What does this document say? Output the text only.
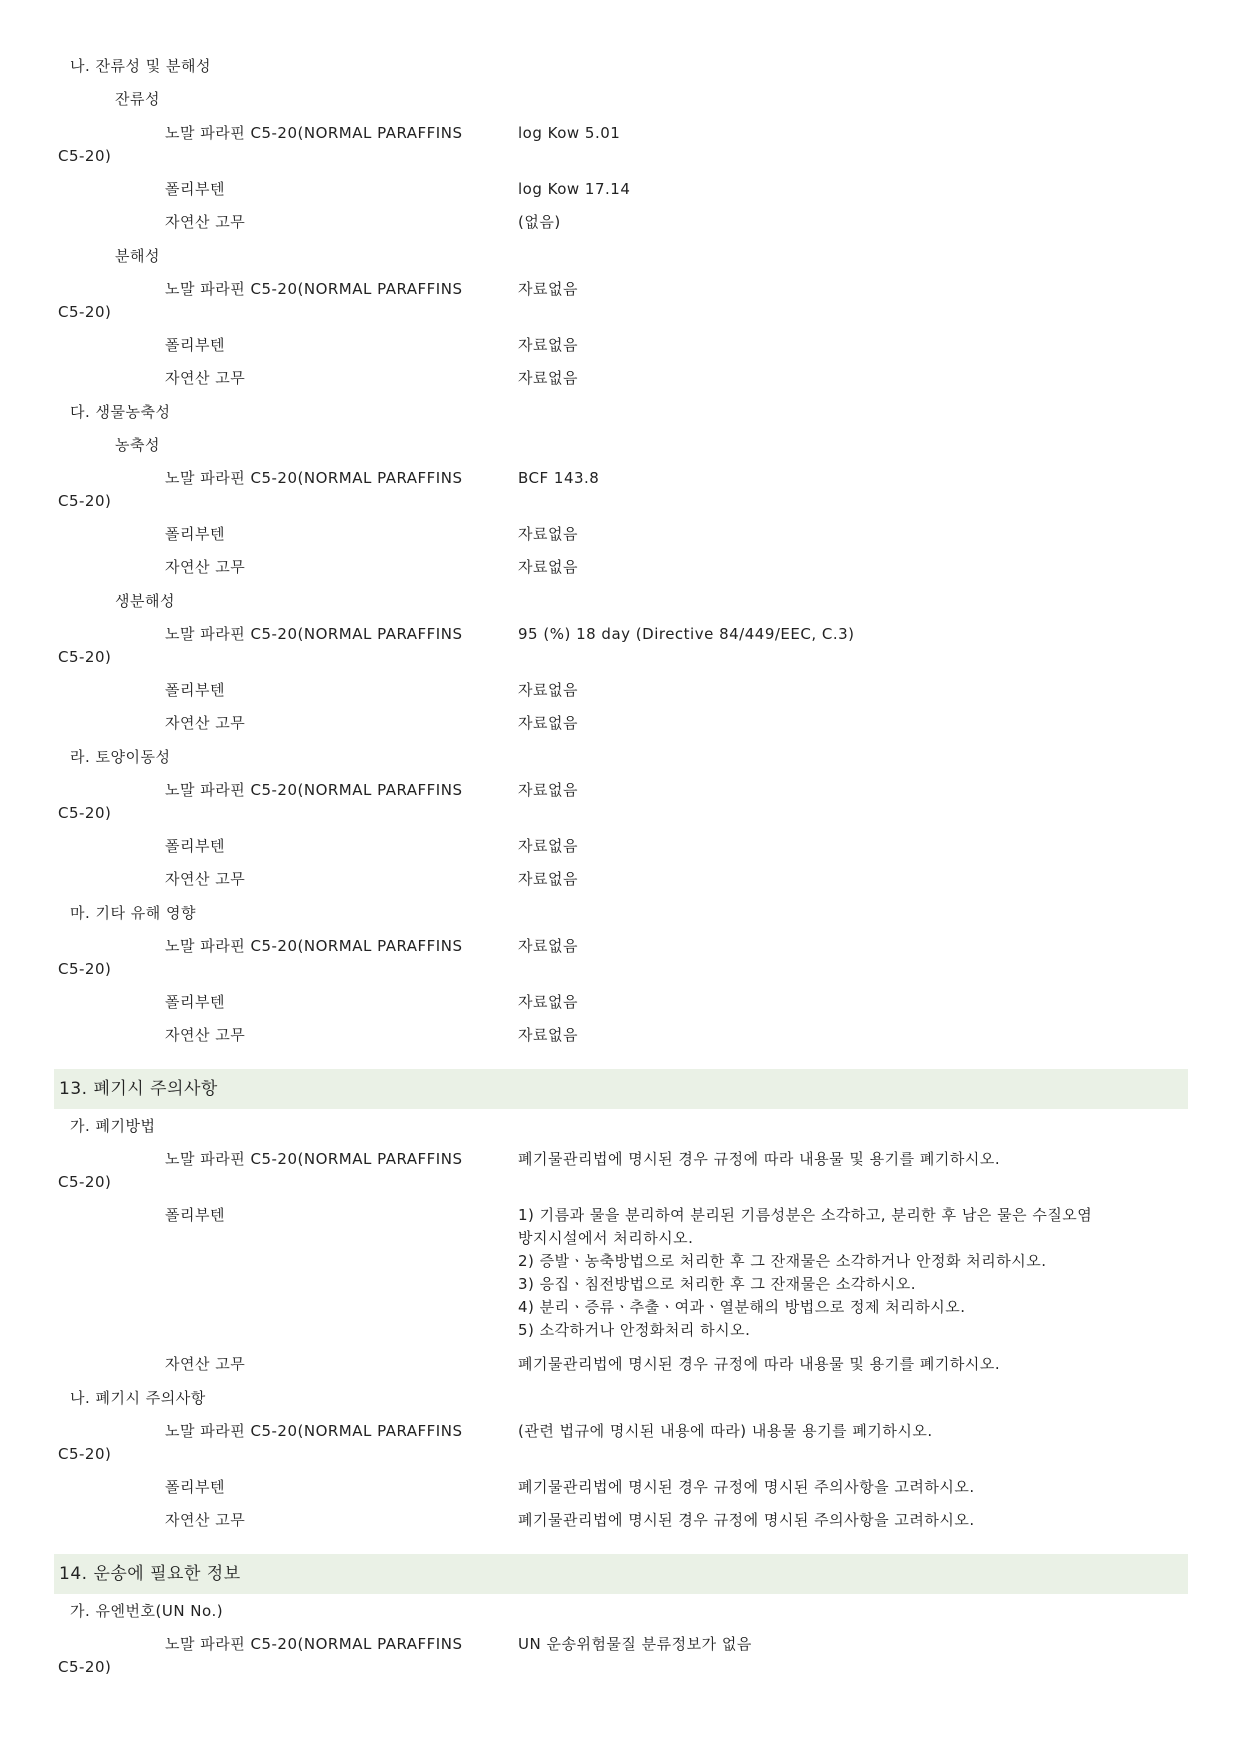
나. 잔류성 및 분해성
잔류성
노말 파라핀 C5-20(NORMAL PARAFFINS	log Kow 5.01
C5-20)
폴리부텐	log Kow 17.14
자연산 고무	(없음)
분해성
노말 파라핀 C5-20(NORMAL PARAFFINS	자료없음
C5-20)
폴리부텐	자료없음
자연산 고무	자료없음
다. 생물농축성
농축성
노말 파라핀 C5-20(NORMAL PARAFFINS	BCF 143.8
C5-20)
폴리부텐	자료없음
자연산 고무	자료없음
생분해성
노말 파라핀 C5-20(NORMAL PARAFFINS	95 (%) 18 day (Directive 84/449/EEC, C.3)
C5-20)
폴리부텐	자료없음
자연산 고무	자료없음
라. 토양이동성
노말 파라핀 C5-20(NORMAL PARAFFINS	자료없음
C5-20)
폴리부텐	자료없음
자연산 고무	자료없음
마. 기타 유해 영향
노말 파라핀 C5-20(NORMAL PARAFFINS	자료없음
C5-20)
폴리부텐	자료없음
자연산 고무	자료없음
13. 폐기시 주의사항
가. 폐기방법
노말 파라핀 C5-20(NORMAL PARAFFINS	폐기물관리법에 명시된 경우 규정에 따라 내용물 및 용기를 폐기하시오.
C5-20)
폴리부텐	1) 기름과 물을 분리하여 분리된 기름성분은 소각하고, 분리한 후 남은 물은 수질오염
방지시설에서 처리하시오.
2) 증발ㆍ농축방법으로 처리한 후 그 잔재물은 소각하거나 안정화 처리하시오.
3) 응집ㆍ침전방법으로 처리한 후 그 잔재물은 소각하시오.
4) 분리ㆍ증류ㆍ추출ㆍ여과ㆍ열분해의 방법으로 정제 처리하시오.
5) 소각하거나 안정화처리 하시오.
자연산 고무	폐기물관리법에 명시된 경우 규정에 따라 내용물 및 용기를 폐기하시오.
나. 폐기시 주의사항
노말 파라핀 C5-20(NORMAL PARAFFINS	(관련 법규에 명시된 내용에 따라) 내용물 용기를 폐기하시오.
C5-20)
폴리부텐	폐기물관리법에 명시된 경우 규정에 명시된 주의사항을 고려하시오.
자연산 고무	폐기물관리법에 명시된 경우 규정에 명시된 주의사항을 고려하시오.
14. 운송에 필요한 정보
가. 유엔번호(UN No.)
노말 파라핀 C5-20(NORMAL PARAFFINS	UN 운송위험물질 분류정보가 없음
C5-20)
